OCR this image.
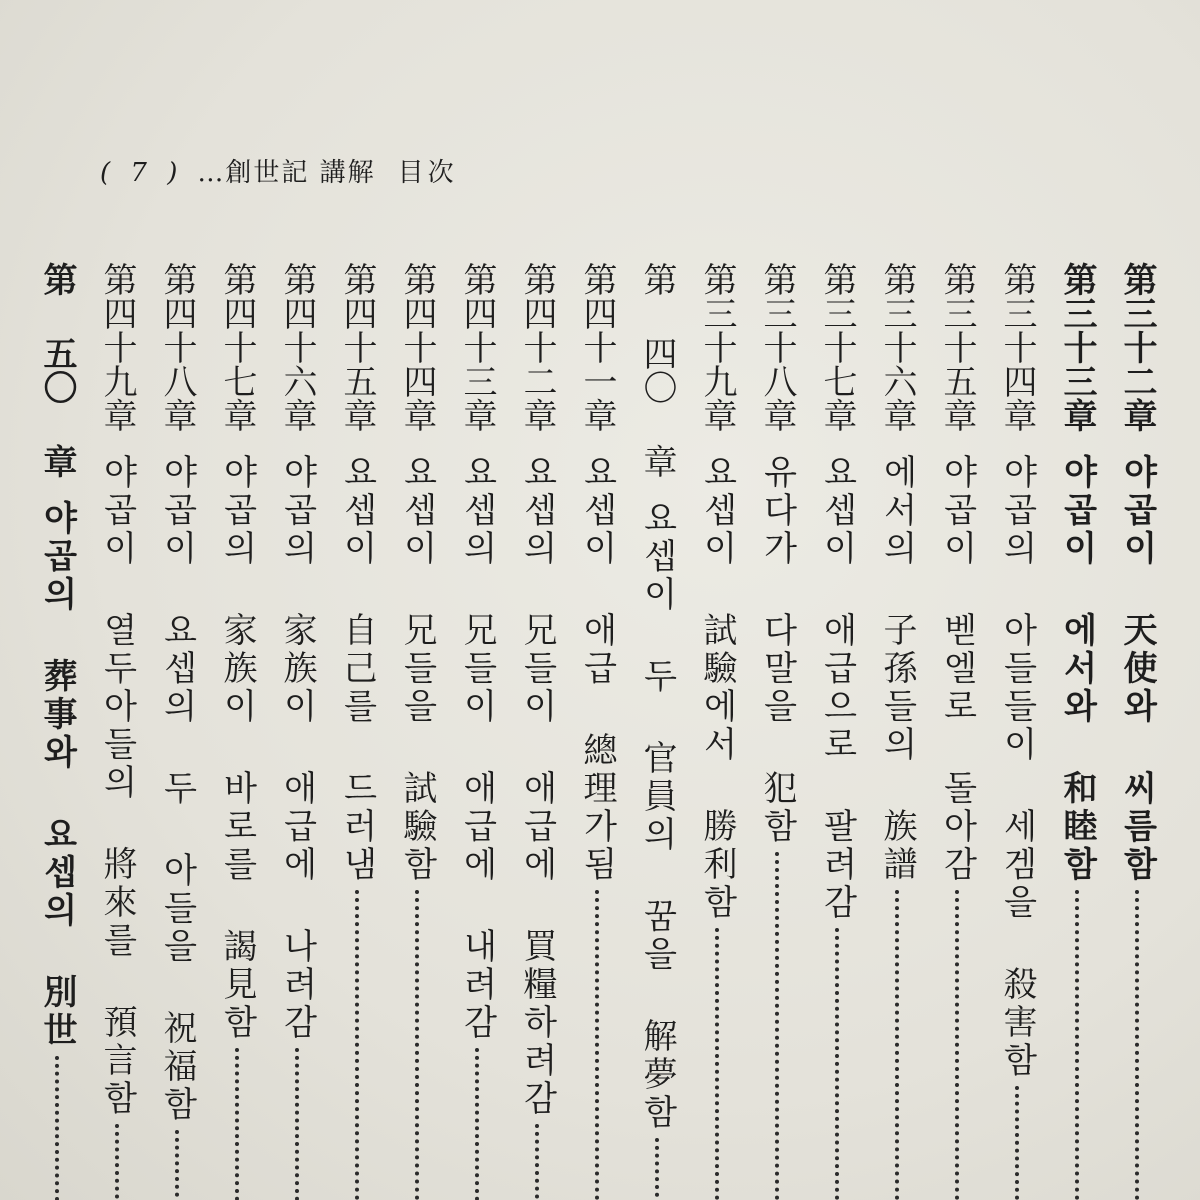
( 7 ) …創世記 講解 目次
第三十二章
야곱이 天使와 씨름함
第三十三章
야곱이 에서와 和睦함
第三十四章
야곱의 아들들이 세겜을 殺害함
第三十五章
야곱이 벧엘로 돌아감
第三十六章
에서의 子孫들의 族譜
第三十七章
요셉이 애급으로 팔려감
第三十八章
유다가 다말을 犯함
第三十九章
요셉이 試驗에서 勝利함
第 四〇 章
요셉이 두 官員의 꿈을 解夢함
第四十一章
요셉이 애급 總理가됨
第四十二章
요셉의 兄들이 애급에 買糧하려감
第四十三章
요셉의 兄들이 애급에 내려감
第四十四章
요셉이 兄들을 試驗함
第四十五章
요셉이 自己를 드러냄
第四十六章
야곱의 家族이 애급에 나려감
第四十七章
야곱의 家族이 바로를 謁見함
第四十八章
야곱이 요셉의 두 아들을 祝福함
第四十九章
야곱이 열두아들의 將來를 預言함
第 五〇 章
야곱의 葬事와 요셉의 別世
